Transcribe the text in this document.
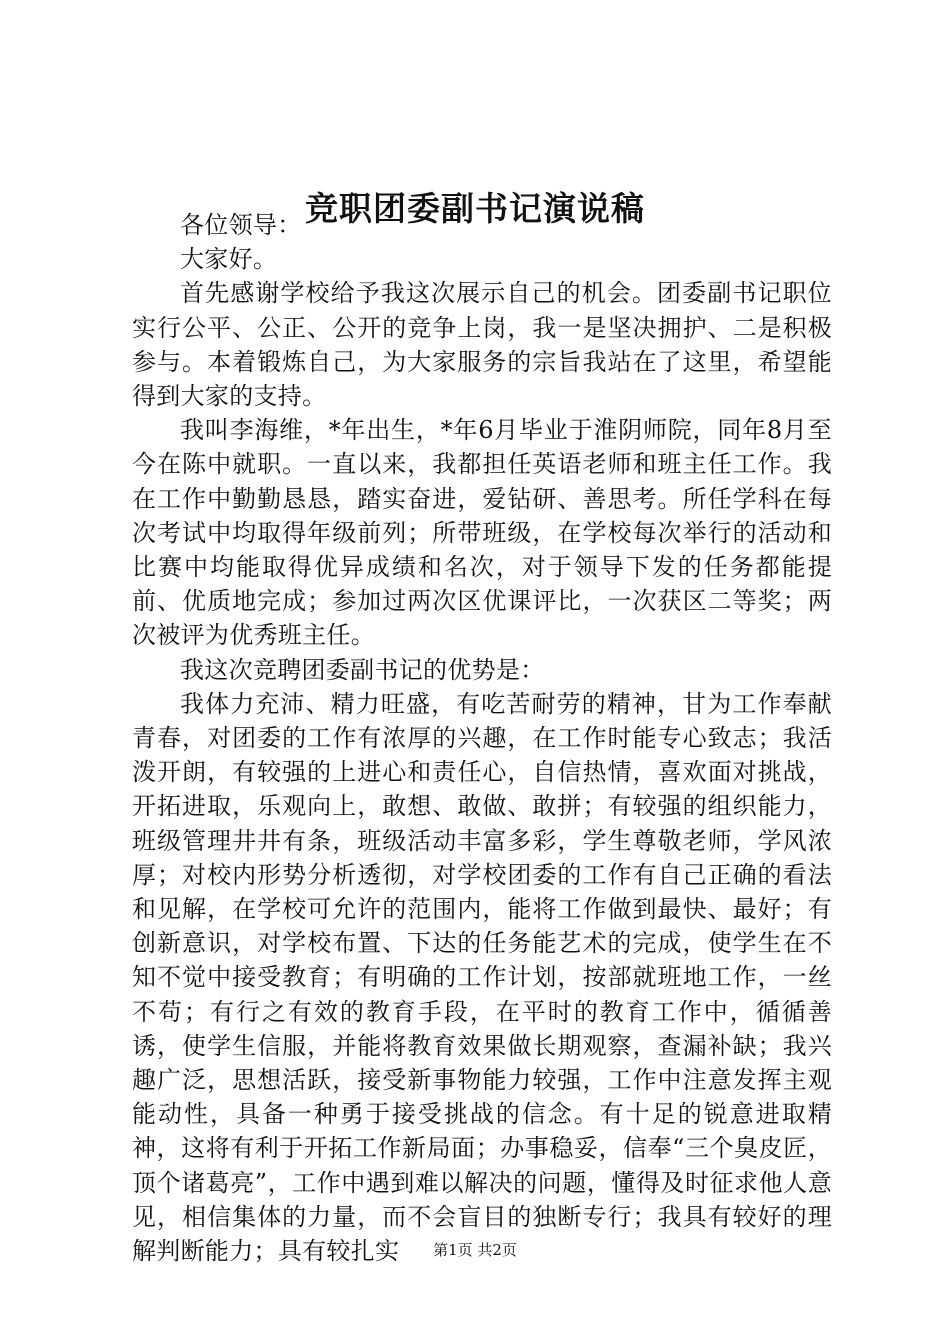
竞职团委副书记演说稿

各位领导：

大家好。

首先感谢学校给予我这次展示自己的机会。团委副书记职位实行公平、公正、公开的竞争上岗，我一是坚决拥护、二是积极参与。本着锻炼自己，为大家服务的宗旨我站在了这里，希望能得到大家的支持。

我叫李海维，*年出生，*年6月毕业于淮阴师院，同年8月至今在陈中就职。一直以来，我都担任英语老师和班主任工作。我在工作中勤勤恳恳，踏实奋进，爱钻研、善思考。所任学科在每次考试中均取得年级前列；所带班级，在学校每次举行的活动和比赛中均能取得优异成绩和名次，对于领导下发的任务都能提前、优质地完成；参加过两次区优课评比，一次获区二等奖；两次被评为优秀班主任。

我这次竞聘团委副书记的优势是：

我体力充沛、精力旺盛，有吃苦耐劳的精神，甘为工作奉献青春，对团委的工作有浓厚的兴趣，在工作时能专心致志；我活泼开朗，有较强的上进心和责任心，自信热情，喜欢面对挑战，开拓进取，乐观向上，敢想、敢做、敢拼；有较强的组织能力，班级管理井井有条，班级活动丰富多彩，学生尊敬老师，学风浓厚；对校内形势分析透彻，对学校团委的工作有自己正确的看法和见解，在学校可允许的范围内，能将工作做到最快、最好；有创新意识，对学校布置、下达的任务能艺术的完成，使学生在不知不觉中接受教育；有明确的工作计划，按部就班地工作，一丝不苟；有行之有效的教育手段，在平时的教育工作中，循循善诱，使学生信服，并能将教育效果做长期观察，查漏补缺；我兴趣广泛，思想活跃，接受新事物能力较强，工作中注意发挥主观能动性，具备一种勇于接受挑战的信念。有十足的锐意进取精神，这将有利于开拓工作新局面；办事稳妥，信奉“三个臭皮匠，顶个诸葛亮”，工作中遇到难以解决的问题，懂得及时征求他人意见，相信集体的力量，而不会盲目的独断专行；我具有较好的理解判断能力；具有较扎实	第1页 共2页
